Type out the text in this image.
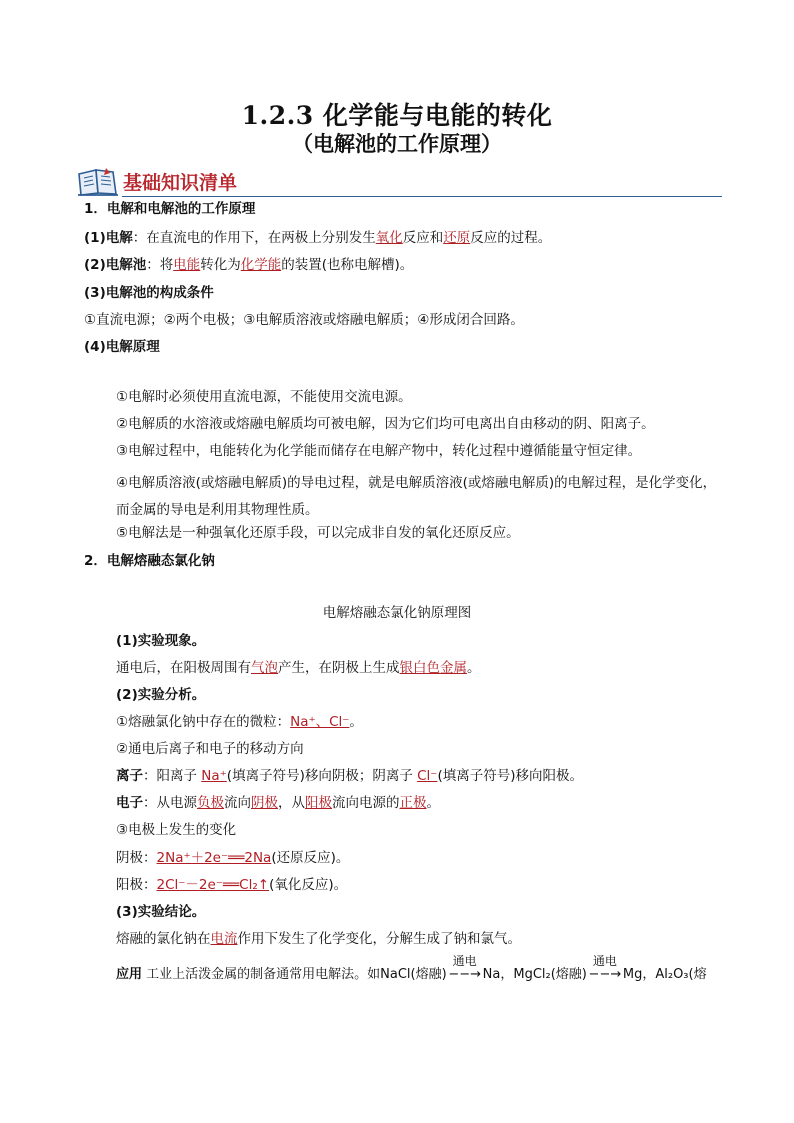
1.2.3 化学能与电能的转化
（电解池的工作原理）
基础知识清单
1．电解和电解池的工作原理
(1)电解：在直流电的作用下，在两极上分别发生氧化反应和还原反应的过程。
(2)电解池：将电能转化为化学能的装置(也称电解槽)。
(3)电解池的构成条件
①直流电源；②两个电极；③电解质溶液或熔融电解质；④形成闭合回路。
(4)电解原理
①电解时必须使用直流电源，不能使用交流电源。
②电解质的水溶液或熔融电解质均可被电解，因为它们均可电离出自由移动的阴、阳离子。
③电解过程中，电能转化为化学能而储存在电解产物中，转化过程中遵循能量守恒定律。
④电解质溶液(或熔融电解质)的导电过程，就是电解质溶液(或熔融电解质)的电解过程，是化学变化，而金属的导电是利用其物理性质。
⑤电解法是一种强氧化还原手段，可以完成非自发的氧化还原反应。
2．电解熔融态氯化钠
电解熔融态氯化钠原理图
(1)实验现象。
通电后，在阳极周围有气泡产生，在阴极上生成银白色金属。
(2)实验分析。
①熔融氯化钠中存在的微粒：Na⁺、Cl⁻。
②通电后离子和电子的移动方向
离子：阳离子 Na⁺(填离子符号)移向阴极；阴离子 Cl⁻(填离子符号)移向阳极。
电子：从电源负极流向阴极，从阳极流向电源的正极。
③电极上发生的变化
阴极：2Na⁺＋2e⁻══2Na(还原反应)。
阳极：2Cl⁻－2e⁻══Cl₂↑(氧化反应)。
(3)实验结论。
熔融的氯化钠在电流作用下发生了化学变化，分解生成了钠和氯气。
应用 工业上活泼金属的制备通常用电解法。如NaCl(熔融)
通电
−−→ Na，MgCl₂(熔融)
通电
−−→ Mg，Al₂O₃(熔
